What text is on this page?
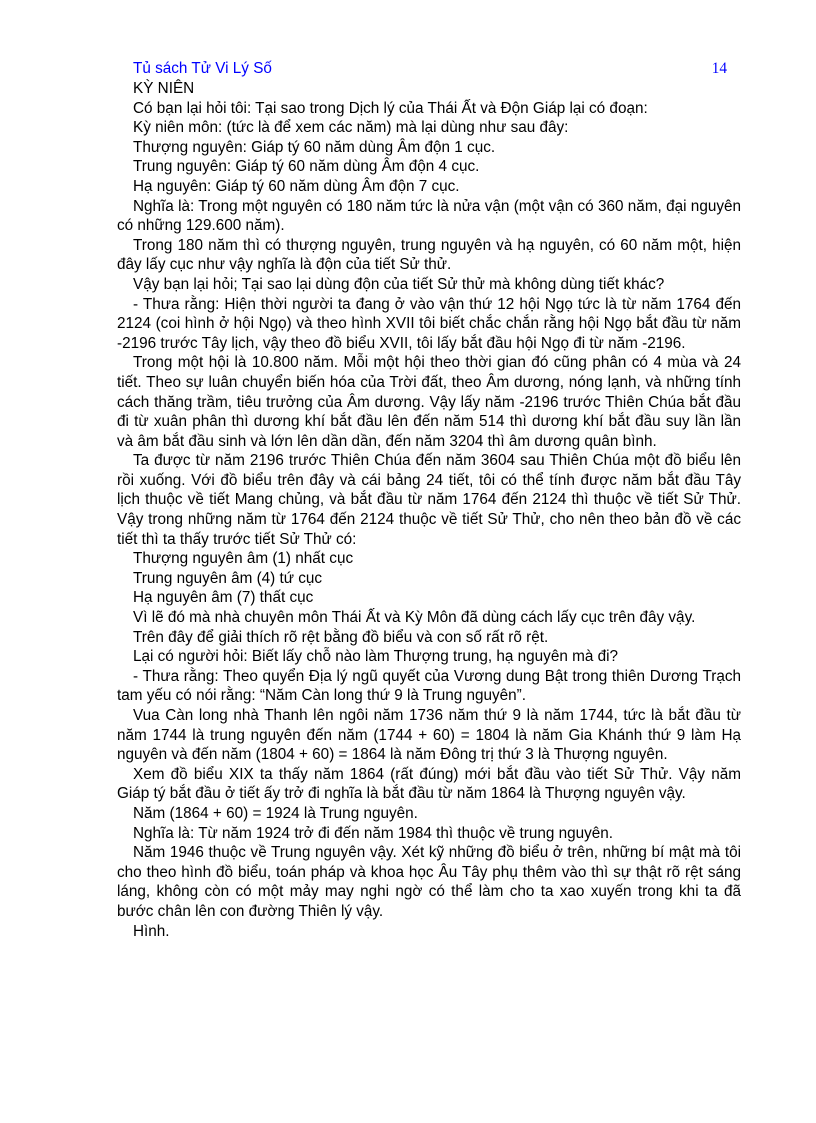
Tủ sách Tử Vi Lý Số	14

KỲ NIÊN

Có bạn lại hỏi tôi: Tại sao trong Dịch lý của Thái Ất và Độn Giáp lại có đoạn:

Kỳ niên môn: (tức là để xem các năm) mà lại dùng như sau đây:

Thượng nguyên: Giáp tý 60 năm dùng Âm độn 1 cục.

Trung nguyên: Giáp tý 60 năm dùng Âm độn 4 cục.

Hạ nguyên: Giáp tý 60 năm dùng Âm độn 7 cục.

Nghĩa là: Trong một nguyên có 180 năm tức là nửa vận (một vận có 360 năm, đại nguyên có những 129.600 năm).

Trong 180 năm thì có thượng nguyên, trung nguyên và hạ nguyên, có 60 năm một, hiện đây lấy cục như vậy nghĩa là độn của tiết Sử thử.

Vậy bạn lại hỏi; Tại sao lại dùng độn của tiết Sử thử mà không dùng tiết khác?

- Thưa rằng: Hiện thời người ta đang ở vào vận thứ 12 hội Ngọ tức là từ năm 1764 đến 2124 (coi hình ở hội Ngọ) và theo hình XVII tôi biết chắc chắn rằng hội Ngọ bắt đầu từ năm -2196 trước Tây lịch, vậy theo đồ biểu XVII, tôi lấy bắt đầu hội Ngọ đi từ năm -2196.

Trong một hội là 10.800 năm. Mỗi một hội theo thời gian đó cũng phân có 4 mùa và 24 tiết. Theo sự luân chuyển biến hóa của Trời đất, theo Âm dương, nóng lạnh, và những tính cách thăng trầm, tiêu trưởng của Âm dương. Vậy lấy năm -2196 trước Thiên Chúa bắt đầu đi từ xuân phân thì dương khí bắt đầu lên đến năm 514 thì dương khí bắt đầu suy lần lần và âm bắt đầu sinh và lớn lên dần dần, đến năm 3204 thì âm dương quân bình.

Ta được từ năm 2196 trước Thiên Chúa đến năm 3604 sau Thiên Chúa một đồ biểu lên rồi xuống. Với đồ biểu trên đây và cái bảng 24 tiết, tôi có thể tính được năm bắt đầu Tây lịch thuộc về tiết Mang chủng, và bắt đầu từ năm 1764 đến 2124 thì thuộc về tiết Sử Thử. Vậy trong những năm từ 1764 đến 2124 thuộc về tiết Sử Thử, cho nên theo bản đồ về các tiết thì ta thấy trước tiết Sử Thử có:

Thượng nguyên âm (1) nhất cục

Trung nguyên âm (4) tứ cục

Hạ nguyên âm (7) thất cục

Vì lẽ đó mà nhà chuyên môn Thái Ất và Kỳ Môn đã dùng cách lấy cục trên đây vậy.

Trên đây để giải thích rõ rệt bằng đồ biểu và con số rất rõ rệt.

Lại có người hỏi: Biết lấy chỗ nào làm Thượng trung, hạ nguyên mà đi?

- Thưa rằng: Theo quyển Địa lý ngũ quyết của Vương dung Bật trong thiên Dương Trạch tam yếu có nói rằng: “Năm Càn long thứ 9 là Trung nguyên”.

Vua Càn long nhà Thanh lên ngôi năm 1736 năm thứ 9 là năm 1744, tức là bắt đầu từ năm 1744 là trung nguyên đến năm (1744 + 60) = 1804 là năm Gia Khánh thứ 9 làm Hạ nguyên và đến năm (1804 + 60) = 1864 là năm Đông trị thứ 3 là Thượng nguyên.

Xem đồ biểu XIX ta thấy năm 1864 (rất đúng) mới bắt đầu vào tiết Sử Thử. Vậy năm Giáp tý bắt đầu ở tiết ấy trở đi nghĩa là bắt đầu từ năm 1864 là Thượng nguyên vậy.

Năm (1864 + 60) = 1924 là Trung nguyên.

Nghĩa là: Từ năm 1924 trở đi đến năm 1984 thì thuộc về trung nguyên.

Năm 1946 thuộc về Trung nguyên vậy. Xét kỹ những đồ biểu ở trên, những bí mật mà tôi cho theo hình đồ biểu, toán pháp và khoa học Âu Tây phụ thêm vào thì sự thật rõ rệt sáng láng, không còn có một mảy may nghi ngờ có thể làm cho ta xao xuyến trong khi ta đã bước chân lên con đường Thiên lý vậy.

Hình.
